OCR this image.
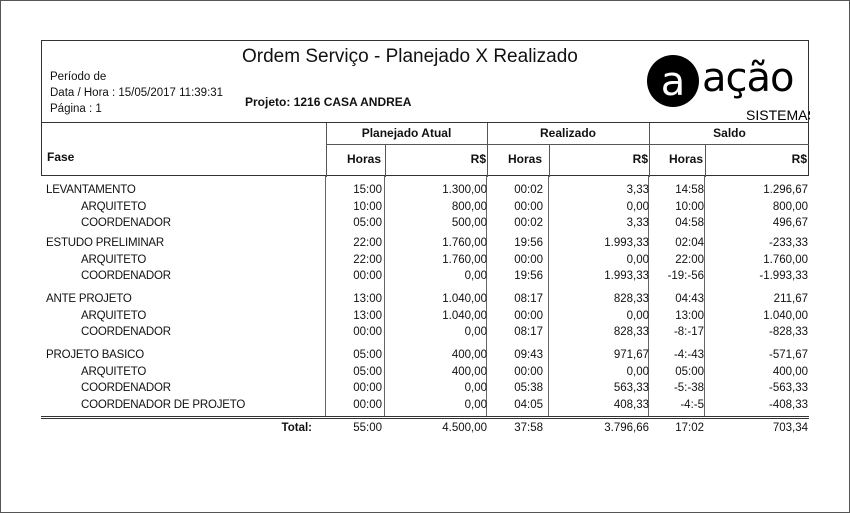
Ordem Serviço - Planejado X Realizado
Período de
Data / Hora : 15/05/2017 11:39:31
Página : 1	Projeto: 1216 CASA ANDREA	a ação
SISTEMAS
Planejado Atual	Realizado	Saldo
Fase	Horas	R$ Horas	R$ Horas	R$
LEVANTAMENTO	15:00	1.300,00 00:02	3,33 14:58	1.296,67
ARQUITETO	10:00	800,00 00:00	0,00 10:00	800,00
COORDENADOR	05:00	500,00 00:02	3,33 04:58	496,67
ESTUDO PRELIMINAR	22:00	1.760,00 19:56	1.993,33 02:04	-233,33
ARQUITETO	22:00	1.760,00 00:00	0,00 22:00	1.760,00
COORDENADOR	00:00	0,00 19:56	1.993,33 -19:-56	-1.993,33
ANTE PROJETO	13:00	1.040,00 08:17	828,33 04:43	211,67
ARQUITETO	13:00	1.040,00 00:00	0,00 13:00	1.040,00
COORDENADOR	00:00	0,00 08:17	828,33 -8:-17	-828,33
PROJETO BASICO	05:00	400,00 09:43	971,67 -4:-43	-571,67
ARQUITETO	05:00	400,00 00:00	0,00 05:00	400,00
COORDENADOR	00:00	0,00 05:38	563,33 -5:-38	-563,33
COORDENADOR DE PROJETO	00:00	0,00 04:05	408,33	-4:-5	-408,33
Total:	55:00	4.500,00 37:58	3.796,66 17:02	703,34
